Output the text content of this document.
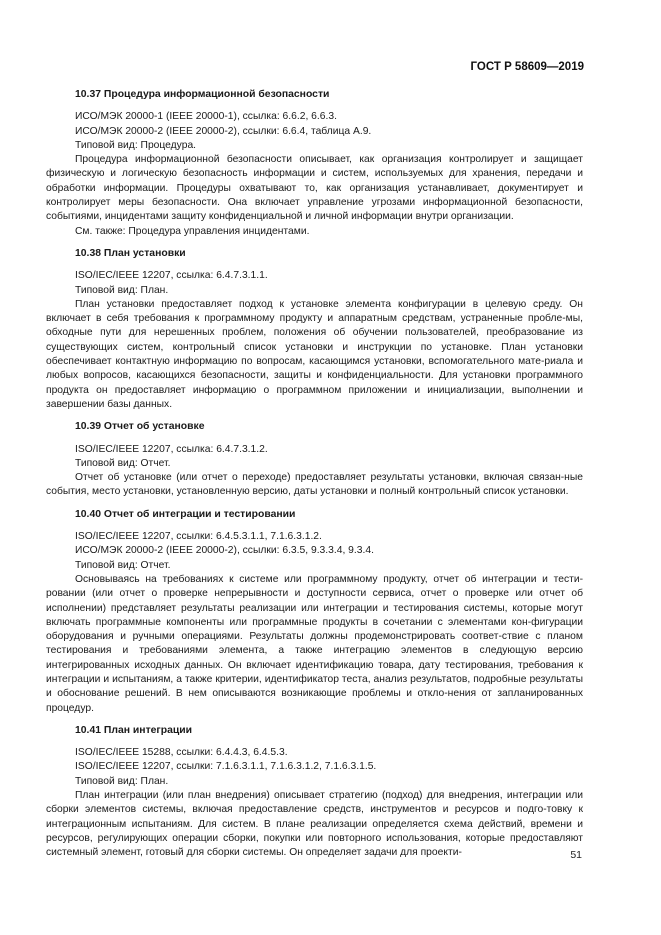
ГОСТ Р 58609—2019
10.37 Процедура информационной безопасности

ИСО/МЭК 20000-1 (IEEE 20000-1), ссылка: 6.6.2, 6.6.3.

ИСО/МЭК 20000-2 (IEEE 20000-2), ссылки: 6.6.4, таблица А.9.

Типовой вид: Процедура.

Процедура информационной безопасности описывает, как организация контролирует и защищает физическую и логическую безопасность информации и систем, используемых для хранения, передачи и обработки информации. Процедуры охватывают то, как организация устанавливает, документирует и контролирует меры безопасности. Она включает управление угрозами информационной безопасности, событиями, инцидентами защиту конфиденциальной и личной информации внутри организации.

См. также: Процедура управления инцидентами.

10.38 План установки

ISO/IEC/IEEE 12207, ссылка: 6.4.7.3.1.1.

Типовой вид: План.

План установки предоставляет подход к установке элемента конфигурации в целевую среду. Он включает в себя требования к программному продукту и аппаратным средствам, устраненные пробле-мы, обходные пути для нерешенных проблем, положения об обучении пользователей, преобразование из существующих систем, контрольный список установки и инструкции по установке. План установки обеспечивает контактную информацию по вопросам, касающимся установки, вспомогательного мате-риала и любых вопросов, касающихся безопасности, защиты и конфиденциальности. Для установки программного продукта он предоставляет информацию о программном приложении и инициализации, выполнении и завершении базы данных.

10.39 Отчет об установке

ISO/IEC/IEEE 12207, ссылка: 6.4.7.3.1.2.

Типовой вид: Отчет.

Отчет об установке (или отчет о переходе) предоставляет результаты установки, включая связан-ные события, место установки, установленную версию, даты установки и полный контрольный список установки.

10.40 Отчет об интеграции и тестировании

ISO/IEC/IEEE 12207, ссылки: 6.4.5.3.1.1, 7.1.6.3.1.2.

ИСО/МЭК 20000-2 (IEEE 20000-2), ссылки: 6.3.5, 9.3.3.4, 9.3.4.

Типовой вид: Отчет.

Основываясь на требованиях к системе или программному продукту, отчет об интеграции и тести-ровании (или отчет о проверке непрерывности и доступности сервиса, отчет о проверке или отчет об исполнении) представляет результаты реализации или интеграции и тестирования системы, которые могут включать программные компоненты или программные продукты в сочетании с элементами кон-фигурации оборудования и ручными операциями. Результаты должны продемонстрировать соответ-ствие с планом тестирования и требованиями элемента, а также интеграцию элементов в следующую версию интегрированных исходных данных. Он включает идентификацию товара, дату тестирования, требования к интеграции и испытаниям, а также критерии, идентификатор теста, анализ результатов, подробные результаты и обоснование решений. В нем описываются возникающие проблемы и откло-нения от запланированных процедур.

10.41 План интеграции

ISO/IEC/IEEE 15288, ссылки: 6.4.4.3, 6.4.5.3.

ISO/IEC/IEEE 12207, ссылки: 7.1.6.3.1.1, 7.1.6.3.1.2, 7.1.6.3.1.5.

Типовой вид: План.

План интеграции (или план внедрения) описывает стратегию (подход) для внедрения, интеграции или сборки элементов системы, включая предоставление средств, инструментов и ресурсов и подго-товку к интеграционным испытаниям. Для систем. В плане реализации определяется схема действий, времени и ресурсов, регулирующих операции сборки, покупки или повторного использования, которые предоставляют системный элемент, готовый для сборки системы. Он определяет задачи для проекти-	51
